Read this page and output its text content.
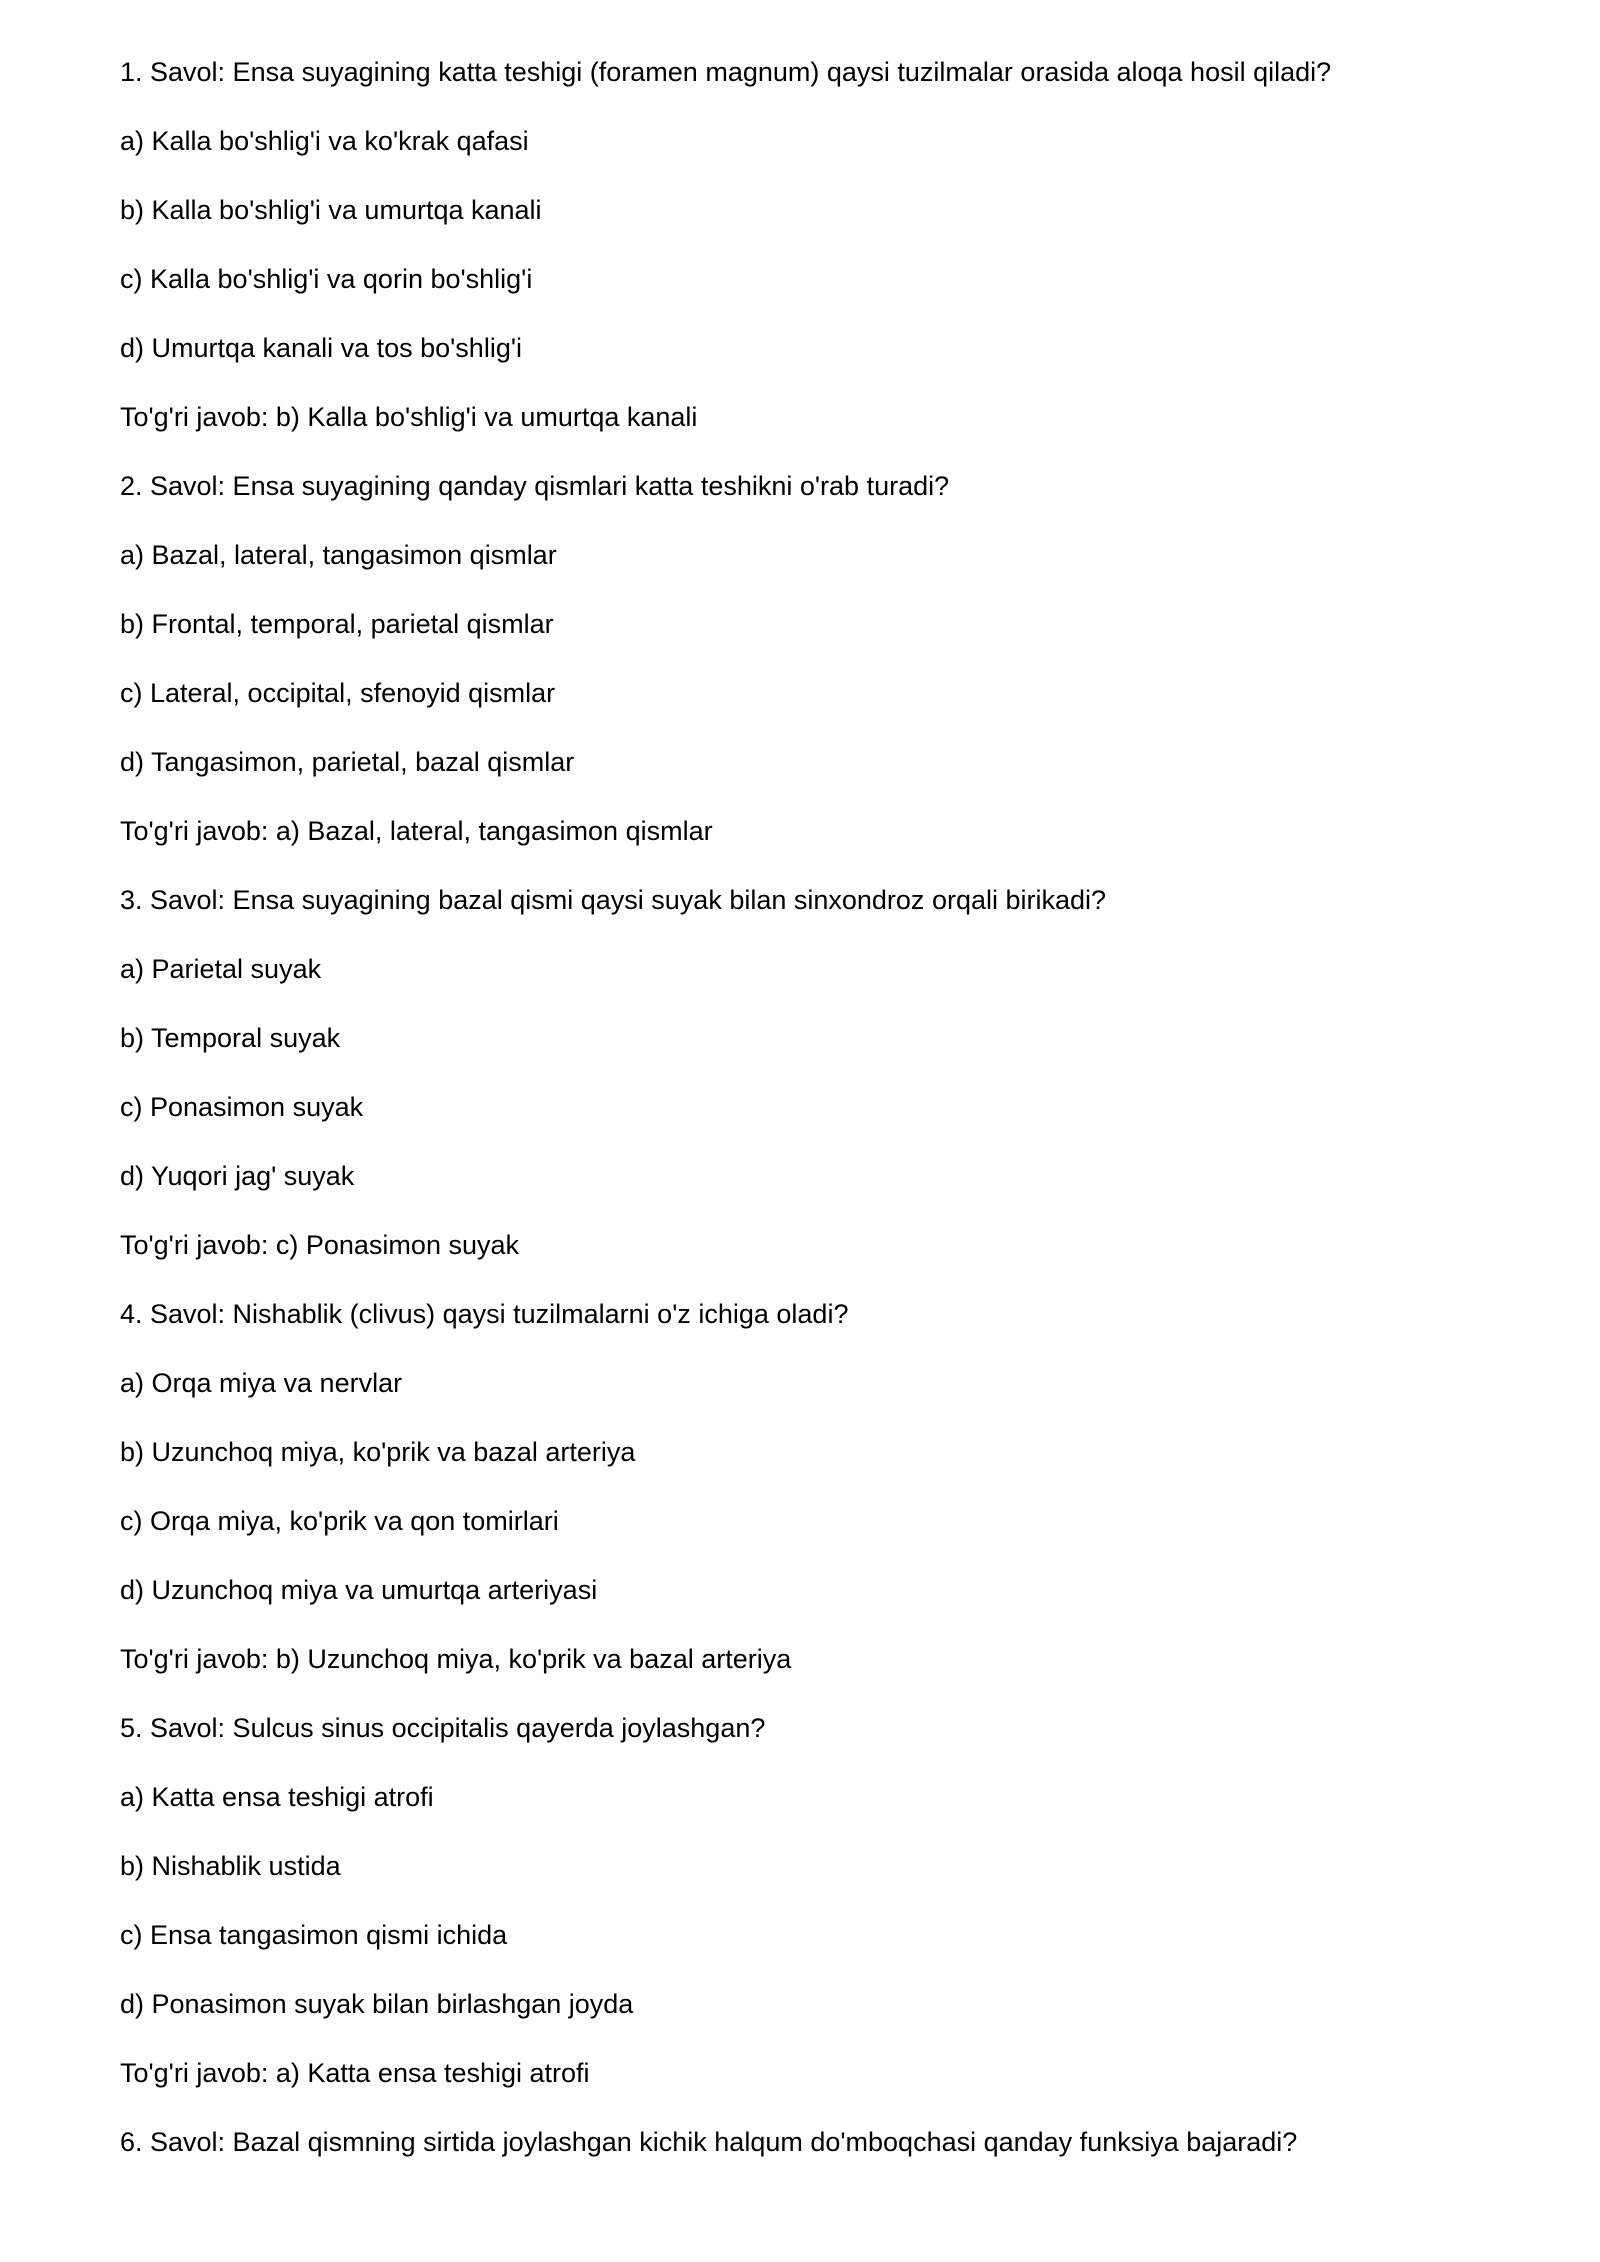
1. Savol: Ensa suyagining katta teshigi (foramen magnum) qaysi tuzilmalar orasida aloqa hosil qiladi?

a) Kalla bo'shlig'i va ko'krak qafasi

b) Kalla bo'shlig'i va umurtqa kanali

c) Kalla bo'shlig'i va qorin bo'shlig'i

d) Umurtqa kanali va tos bo'shlig'i

To'g'ri javob: b) Kalla bo'shlig'i va umurtqa kanali

2. Savol: Ensa suyagining qanday qismlari katta teshikni o'rab turadi?

a) Bazal, lateral, tangasimon qismlar

b) Frontal, temporal, parietal qismlar

c) Lateral, occipital, sfenoyid qismlar

d) Tangasimon, parietal, bazal qismlar

To'g'ri javob: a) Bazal, lateral, tangasimon qismlar

3. Savol: Ensa suyagining bazal qismi qaysi suyak bilan sinxondroz orqali birikadi?

a) Parietal suyak

b) Temporal suyak

c) Ponasimon suyak

d) Yuqori jag' suyak

To'g'ri javob: c) Ponasimon suyak

4. Savol: Nishablik (clivus) qaysi tuzilmalarni o'z ichiga oladi?

a) Orqa miya va nervlar

b) Uzunchoq miya, ko'prik va bazal arteriya

c) Orqa miya, ko'prik va qon tomirlari

d) Uzunchoq miya va umurtqa arteriyasi

To'g'ri javob: b) Uzunchoq miya, ko'prik va bazal arteriya

5. Savol: Sulcus sinus occipitalis qayerda joylashgan?

a) Katta ensa teshigi atrofi

b) Nishablik ustida

c) Ensa tangasimon qismi ichida

d) Ponasimon suyak bilan birlashgan joyda

To'g'ri javob: a) Katta ensa teshigi atrofi

6. Savol: Bazal qismning sirtida joylashgan kichik halqum do'mboqchasi qanday funksiya bajaradi?
